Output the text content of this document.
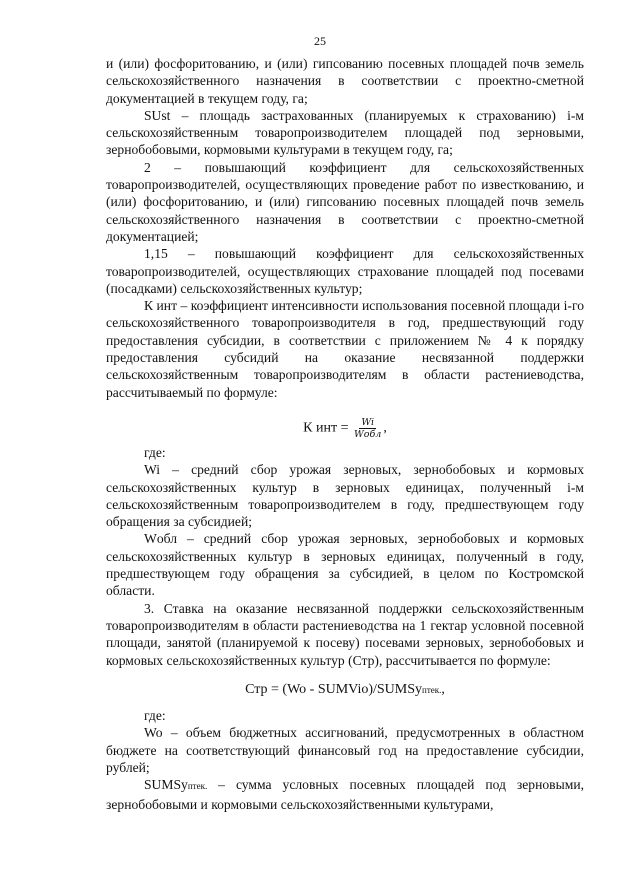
25

и (или) фосфоритованию, и (или) гипсованию посевных площадей почв земель сельскохозяйственного назначения в соответствии с проектно-сметной документацией в текущем году, га;

SUst – площадь застрахованных (планируемых к страхованию) i-м сельскохозяйственным товаропроизводителем площадей под зерновыми, зернобобовыми, кормовыми культурами в текущем году, га;

2 – повышающий коэффициент для сельскохозяйственных товаропроизводителей, осуществляющих проведение работ по известкованию, и (или) фосфоритованию, и (или) гипсованию посевных площадей почв земель сельскохозяйственного назначения в соответствии с проектно-сметной документацией;

1,15 – повышающий коэффициент для сельскохозяйственных товаропроизводителей, осуществляющих страхование площадей под посевами (посадками) сельскохозяйственных культур;

К инт – коэффициент интенсивности использования посевной площади i-го сельскохозяйственного товаропроизводителя в год, предшествующий году предоставления субсидии, в соответствии с приложением № 4 к порядку предоставления субсидий на оказание несвязанной поддержки сельскохозяйственным товаропроизводителям в области растениеводства, рассчитываемый по формуле:

К инт = $\frac{Wi}{\text{Wобл}}$ ,

где:

Wi – средний сбор урожая зерновых, зернобобовых и кормовых сельскохозяйственных культур в зерновых единицах, полученный i-м сельскохозяйственным товаропроизводителем в году, предшествующем году обращения за субсидией;

Wобл – средний сбор урожая зерновых, зернобобовых и кормовых сельскохозяйственных культур в зерновых единицах, полученный в году, предшествующем году обращения за субсидией, в целом по Костромской области.

3. Ставка на оказание несвязанной поддержки сельскохозяйственным товаропроизводителям в области растениеводства на 1 гектар условной посевной площади, занятой (планируемой к посеву) посевами зерновых, зернобобовых и кормовых сельскохозяйственных культур (Стр), рассчитывается по формуле:

Стр = (Wo - SUMVio)/SUMSуптек.,

где:

Wo – объем бюджетных ассигнований, предусмотренных в областном бюджете на соответствующий финансовый год на предоставление субсидии, рублей;

SUMSуптек. – сумма условных посевных площадей под зерновыми, зернобобовыми и кормовыми сельскохозяйственными культурами,
